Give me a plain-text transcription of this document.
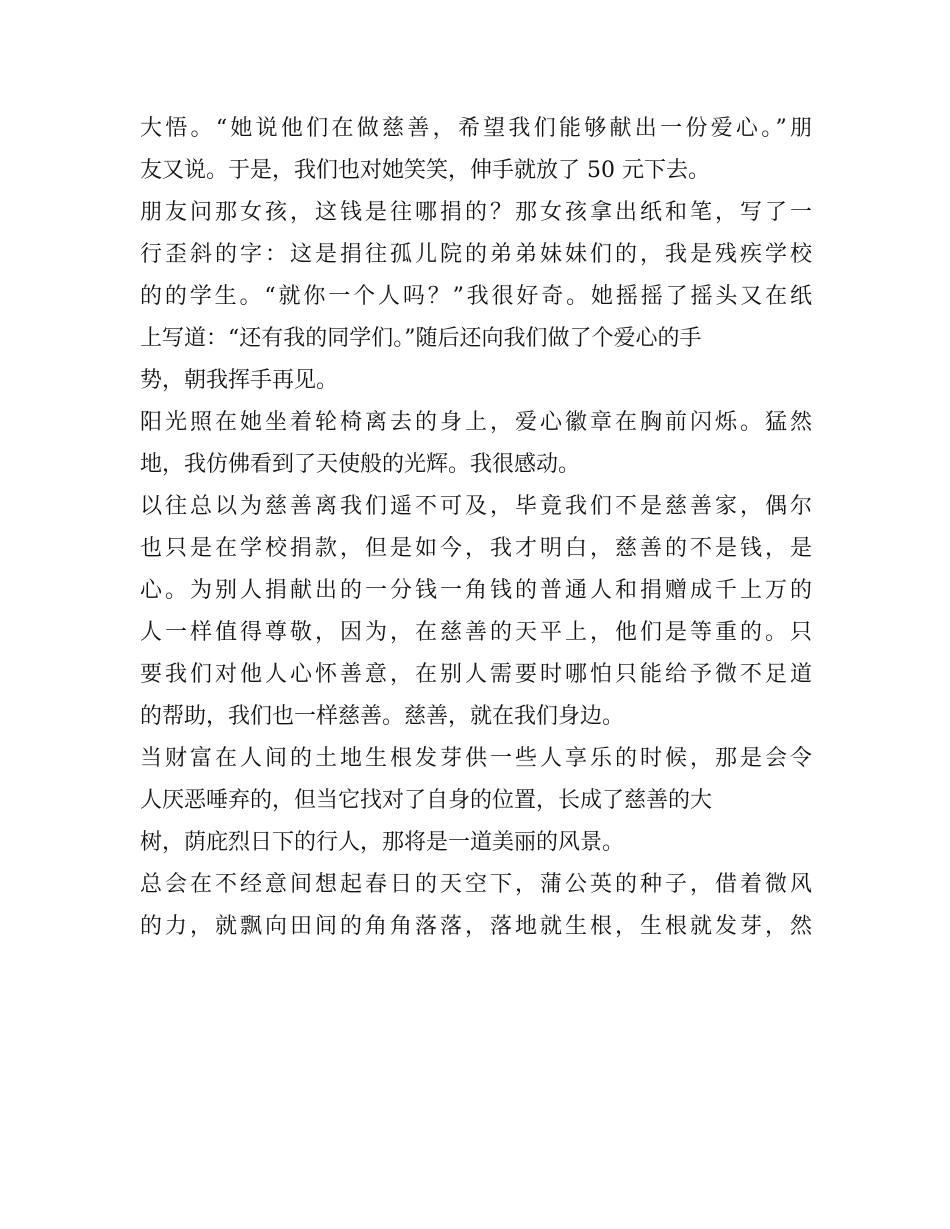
大悟。“她说他们在做慈善，希望我们能够献出一份爱心。”朋
友又说。于是，我们也对她笑笑，伸手就放了 50 元下去。
朋友问那女孩，这钱是往哪捐的？那女孩拿出纸和笔，写了一
行歪斜的字：这是捐往孤儿院的弟弟妹妹们的，我是残疾学校
的的学生。“就你一个人吗？”我很好奇。她摇摇了摇头又在纸
上写道：“还有我的同学们。”随后还向我们做了个爱心的手
势，朝我挥手再见。
阳光照在她坐着轮椅离去的身上，爱心徽章在胸前闪烁。猛然
地，我仿佛看到了天使般的光辉。我很感动。
以往总以为慈善离我们遥不可及，毕竟我们不是慈善家，偶尔
也只是在学校捐款，但是如今，我才明白，慈善的不是钱，是
心。为别人捐献出的一分钱一角钱的普通人和捐赠成千上万的
人一样值得尊敬，因为，在慈善的天平上，他们是等重的。只
要我们对他人心怀善意，在别人需要时哪怕只能给予微不足道
的帮助，我们也一样慈善。慈善，就在我们身边。
当财富在人间的土地生根发芽供一些人享乐的时候，那是会令
人厌恶唾弃的，但当它找对了自身的位置，长成了慈善的大
树，荫庇烈日下的行人，那将是一道美丽的风景。
总会在不经意间想起春日的天空下，蒲公英的种子，借着微风
的力，就飘向田间的角角落落，落地就生根，生根就发芽，然
